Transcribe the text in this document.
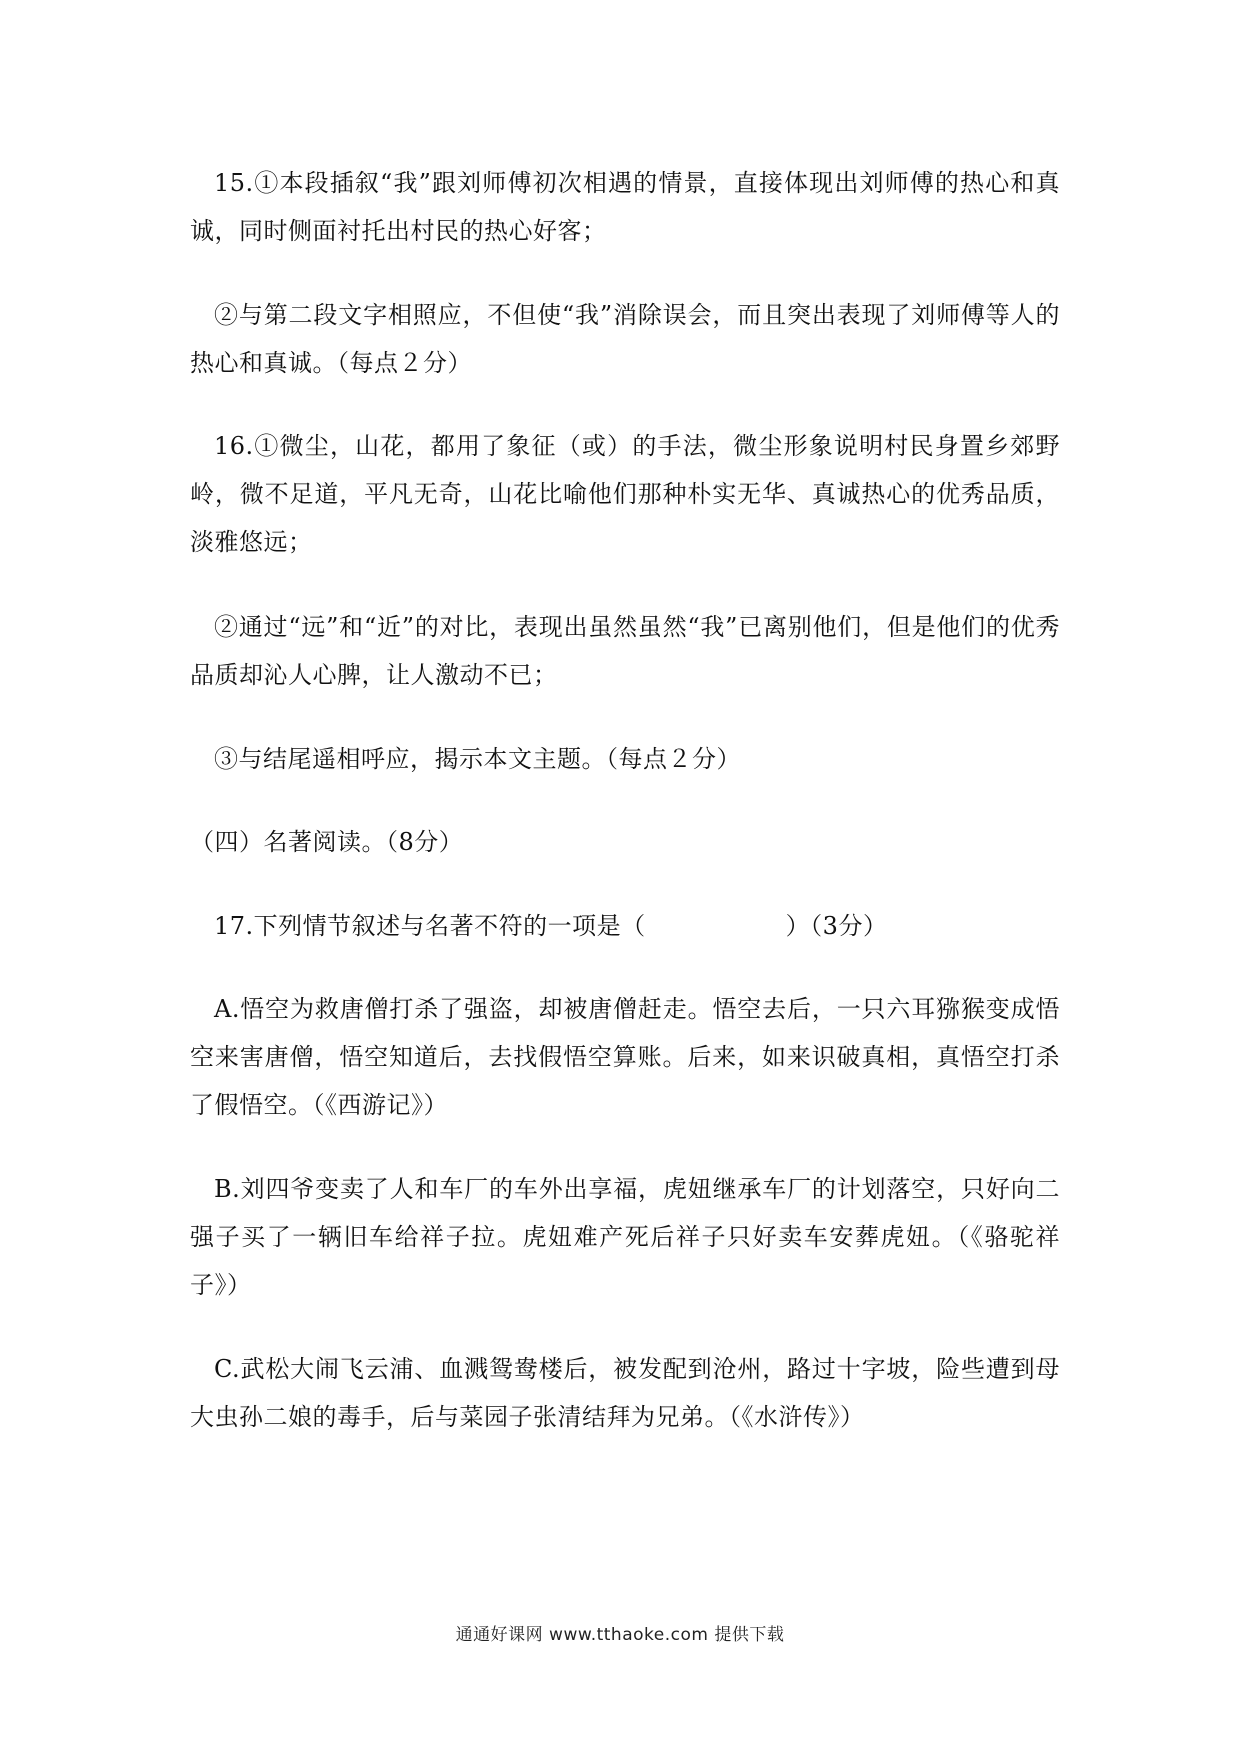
15.①本段插叙“我”跟刘师傅初次相遇的情景，直接体现出刘师傅的热心和真诚，同时侧面衬托出村民的热心好客；
②与第二段文字相照应，不但使“我”消除误会，而且突出表现了刘师傅等人的热心和真诚。（每点２分）
16.①微尘，山花，都用了象征（或）的手法，微尘形象说明村民身置乡郊野岭，微不足道，平凡无奇，山花比喻他们那种朴实无华、真诚热心的优秀品质，淡雅悠远；
②通过“远”和“近”的对比，表现出虽然虽然“我”已离别他们，但是他们的优秀品质却沁人心脾，让人激动不已；
③与结尾遥相呼应，揭示本文主题。（每点２分）
（四）名著阅读。（8分）
17.下列情节叙述与名著不符的一项是（	）（3分）
A.悟空为救唐僧打杀了强盗，却被唐僧赶走。悟空去后，一只六耳猕猴变成悟空来害唐僧，悟空知道后，去找假悟空算账。后来，如来识破真相，真悟空打杀了假悟空。（《西游记》）
B.刘四爷变卖了人和车厂的车外出享福，虎妞继承车厂的计划落空，只好向二强子买了一辆旧车给祥子拉。虎妞难产死后祥子只好卖车安葬虎妞。（《骆驼祥子》）
C.武松大闹飞云浦、血溅鸳鸯楼后，被发配到沧州，路过十字坡，险些遭到母大虫孙二娘的毒手，后与菜园子张清结拜为兄弟。（《水浒传》）
通通好课网 www.tthaoke.com 提供下载
